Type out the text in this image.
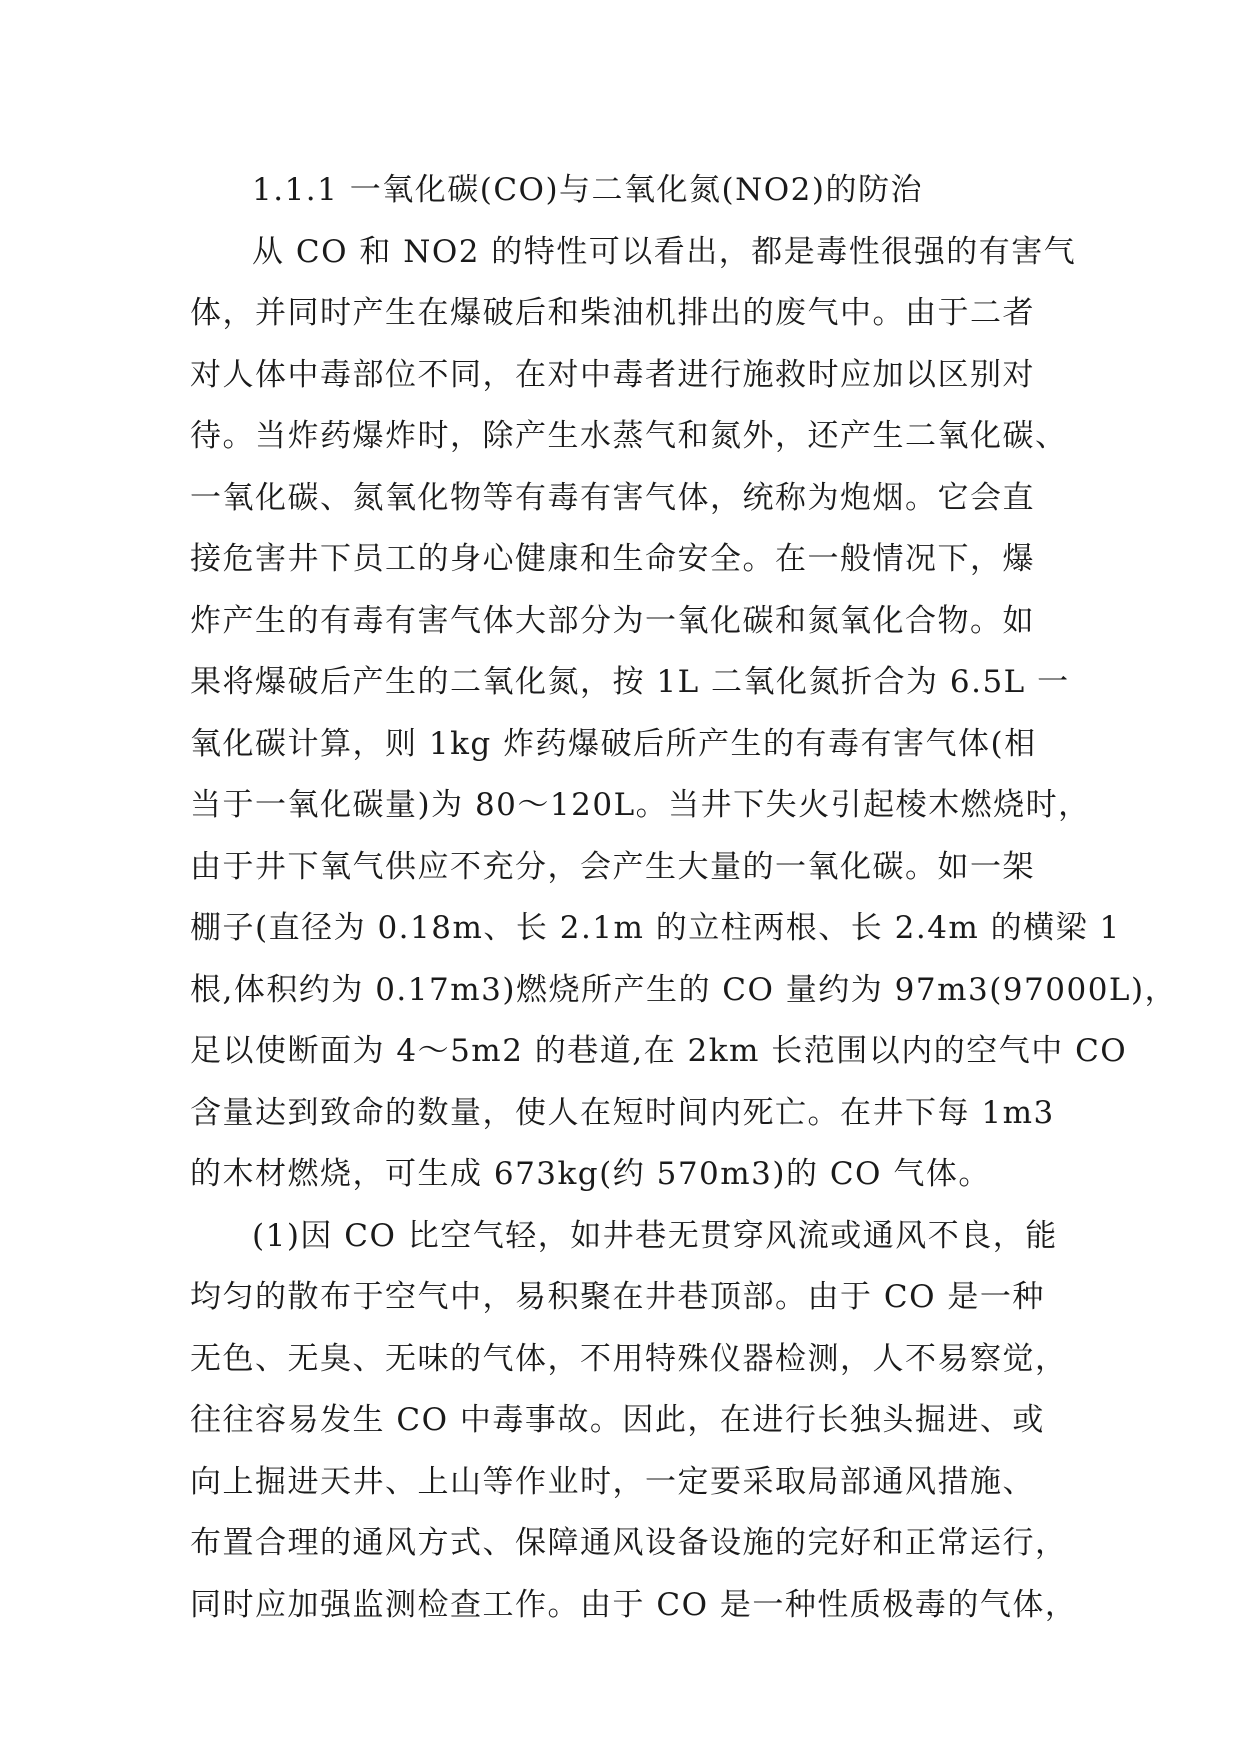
1.1.1 一氧化碳(CO)与二氧化氮(NO2)的防治
从 CO 和 NO2 的特性可以看出，都是毒性很强的有害气
体，并同时产生在爆破后和柴油机排出的废气中。由于二者
对人体中毒部位不同，在对中毒者进行施救时应加以区别对
待。当炸药爆炸时，除产生水蒸气和氮外，还产生二氧化碳、
一氧化碳、氮氧化物等有毒有害气体，统称为炮烟。它会直
接危害井下员工的身心健康和生命安全。在一般情况下，爆
炸产生的有毒有害气体大部分为一氧化碳和氮氧化合物。如
果将爆破后产生的二氧化氮，按 1L 二氧化氮折合为 6.5L 一
氧化碳计算，则 1kg 炸药爆破后所产生的有毒有害气体(相
当于一氧化碳量)为 80～120L。当井下失火引起棱木燃烧时，
由于井下氧气供应不充分，会产生大量的一氧化碳。如一架
棚子(直径为 0.18m、长 2.1m 的立柱两根、长 2.4m 的横梁 1
根,体积约为 0.17m3)燃烧所产生的 CO 量约为 97m3(97000L)，
足以使断面为 4～5m2 的巷道,在 2km 长范围以内的空气中 CO
含量达到致命的数量，使人在短时间内死亡。在井下每 1m3
的木材燃烧，可生成 673kg(约 570m3)的 CO 气体。
(1)因 CO 比空气轻，如井巷无贯穿风流或通风不良，能
均匀的散布于空气中，易积聚在井巷顶部。由于 CO 是一种
无色、无臭、无味的气体，不用特殊仪器检测，人不易察觉，
往往容易发生 CO 中毒事故。因此，在进行长独头掘进、或
向上掘进天井、上山等作业时，一定要采取局部通风措施、
布置合理的通风方式、保障通风设备设施的完好和正常运行，
同时应加强监测检查工作。由于 CO 是一种性质极毒的气体，
